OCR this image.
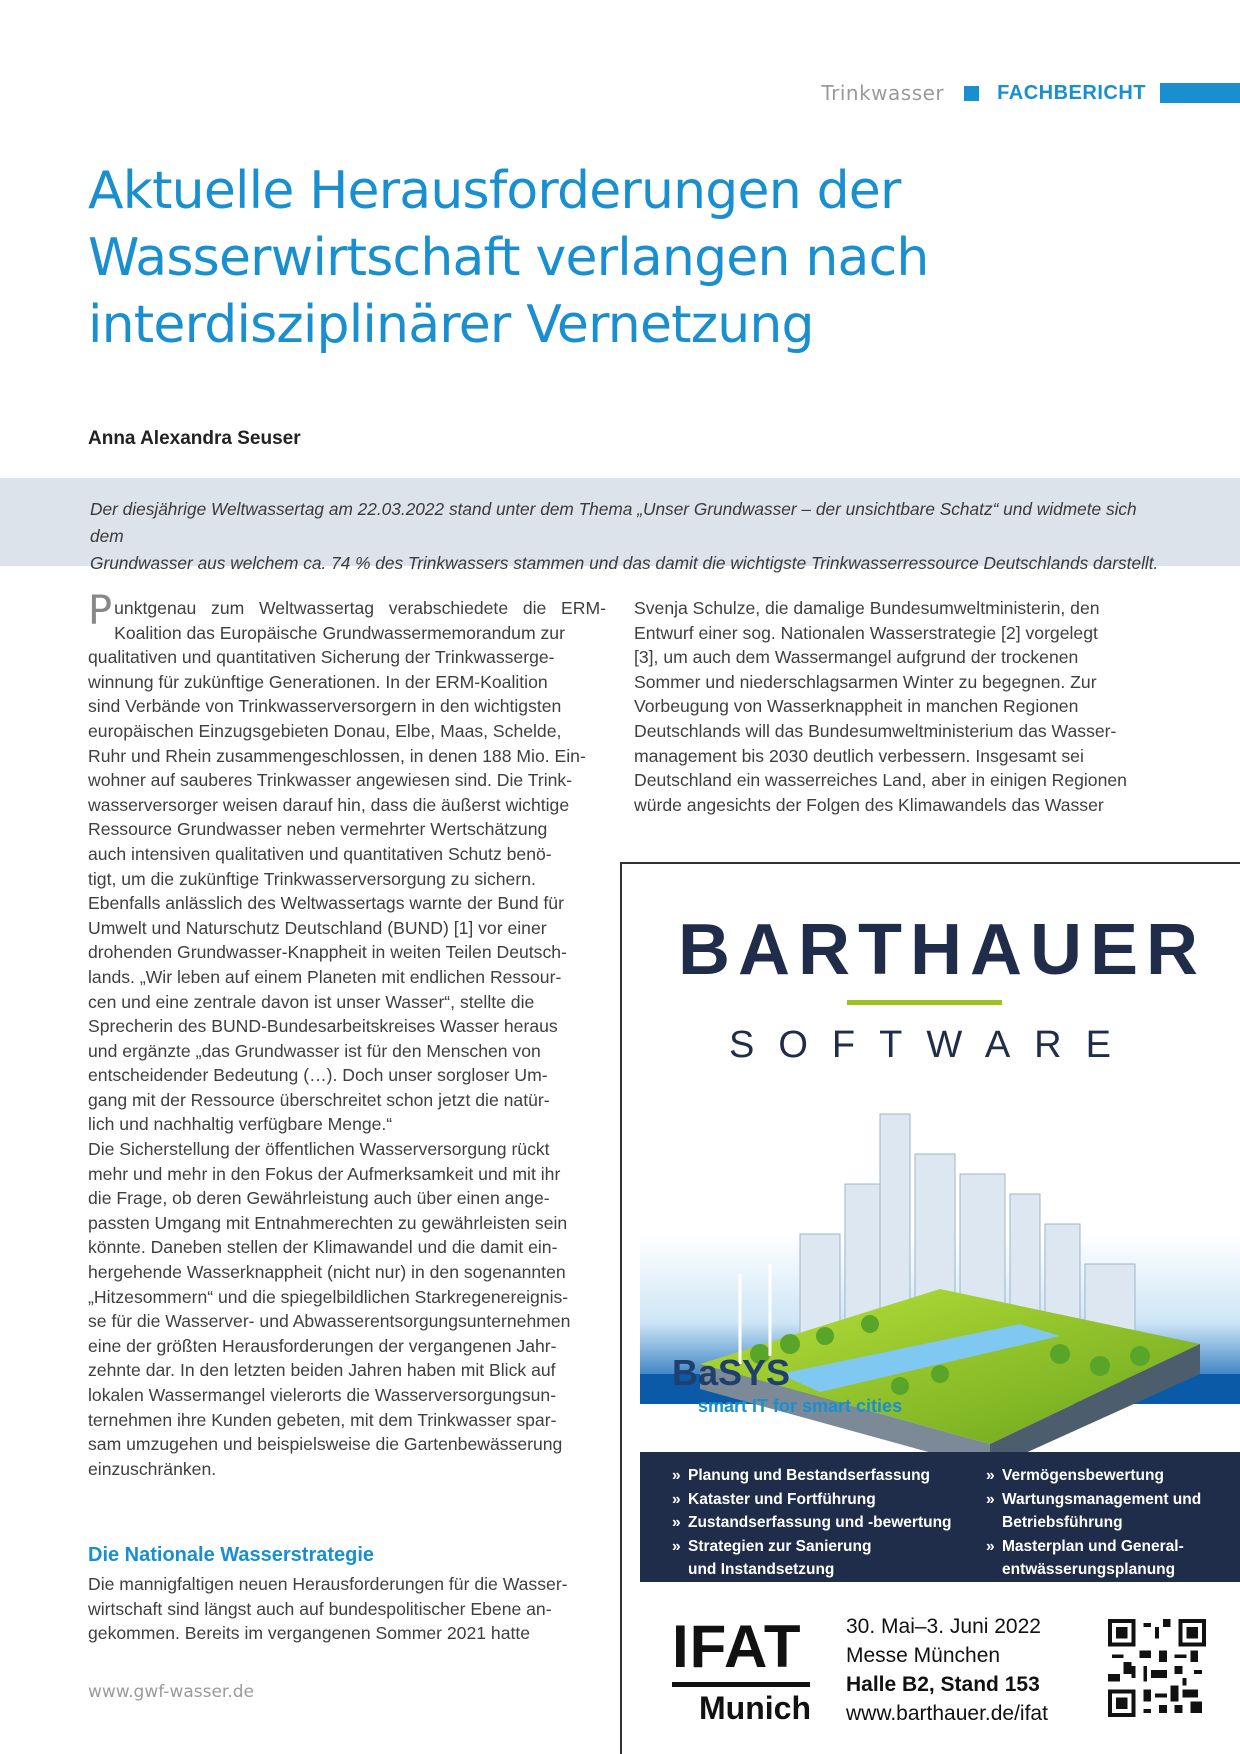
Trinkwasser	FACHBERICHT
Aktuelle Herausforderungen der
Wasserwirtschaft verlangen nach
interdisziplinärer Vernetzung
Anna Alexandra Seuser

Der diesjährige Weltwassertag am 22.03.2022 stand unter dem Thema „Unser Grundwasser – der unsichtbare Schatz“ und widmete sich dem
Grundwasser aus welchem ca. 74 % des Trinkwassers stammen und das damit die wichtigste Trinkwasserressource Deutschlands darstellt.

Punktgenau zum Weltwassertag verabschiedete die ERM-
Koalition das Europäische Grundwassermemorandum zur
qualitativen und quantitativen Sicherung der Trinkwasserge-
winnung für zukünftige Generationen. In der ERM-Koalition
sind Verbände von Trinkwasserversorgern in den wichtigsten
europäischen Einzugsgebieten Donau, Elbe, Maas, Schelde,
Ruhr und Rhein zusammengeschlossen, in denen 188 Mio. Ein-
wohner auf sauberes Trinkwasser angewiesen sind. Die Trink-
wasserversorger weisen darauf hin, dass die äußerst wichtige
Ressource Grundwasser neben vermehrter Wertschätzung
auch intensiven qualitativen und quantitativen Schutz benö-
tigt, um die zukünftige Trinkwasserversorgung zu sichern.
Ebenfalls anlässlich des Weltwassertags warnte der Bund für
Umwelt und Naturschutz Deutschland (BUND) [1] vor einer
drohenden Grundwasser-Knappheit in weiten Teilen Deutsch-
lands. „Wir leben auf einem Planeten mit endlichen Ressour-
cen und eine zentrale davon ist unser Wasser“, stellte die
Sprecherin des BUND-Bundesarbeitskreises Wasser heraus
und ergänzte „das Grundwasser ist für den Menschen von
entscheidender Bedeutung (…). Doch unser sorgloser Um-
gang mit der Ressource überschreitet schon jetzt die natür-
lich und nachhaltig verfügbare Menge.“
Die Sicherstellung der öffentlichen Wasserversorgung rückt
mehr und mehr in den Fokus der Aufmerksamkeit und mit ihr
die Frage, ob deren Gewährleistung auch über einen ange-
passten Umgang mit Entnahmerechten zu gewährleisten sein
könnte. Daneben stellen der Klimawandel und die damit ein-
hergehende Wasserknappheit (nicht nur) in den sogenannten
„Hitzesommern“ und die spiegelbildlichen Starkregenereignis-
se für die Wasserver- und Abwasserentsorgungsunternehmen
eine der größten Herausforderungen der vergangenen Jahr-
zehnte dar. In den letzten beiden Jahren haben mit Blick auf
lokalen Wassermangel vielerorts die Wasserversorgungsun-
ternehmen ihre Kunden gebeten, mit dem Trinkwasser spar-
sam umzugehen und beispielsweise die Gartenbewässerung
einzuschränken.
Die Nationale Wasserstrategie
Die mannigfaltigen neuen Herausforderungen für die Wasser-
wirtschaft sind längst auch auf bundespolitischer Ebene an-
gekommen. Bereits im vergangenen Sommer 2021 hatte
Svenja Schulze, die damalige Bundesumweltministerin, den
Entwurf einer sog. Nationalen Wasserstrategie [2] vorgelegt
[3], um auch dem Wassermangel aufgrund der trockenen
Sommer und niederschlagsarmen Winter zu begegnen. Zur
Vorbeugung von Wasserknappheit in manchen Regionen
Deutschlands will das Bundesumweltministerium das Wasser-
management bis 2030 deutlich verbessern. Insgesamt sei
Deutschland ein wasserreiches Land, aber in einigen Regionen
würde angesichts der Folgen des Klimawandels das Wasser
www.gwf-wasser.de
BARTHAUER
SOFTWARE
BaSYS
smart IT for smart cities
» Planung und Bestandserfassung
» Kataster und Fortführung
» Zustandserfassung und -bewertung
» Strategien zur Sanierung
und Instandsetzung
» Vermögensbewertung
» Wartungsmanagement und
Betriebsführung
» Masterplan und General-
entwässerungsplanung
IFAT
Munich
30. Mai–3. Juni 2022
Messe München
Halle B2, Stand 153
www.barthauer.de/ifat
